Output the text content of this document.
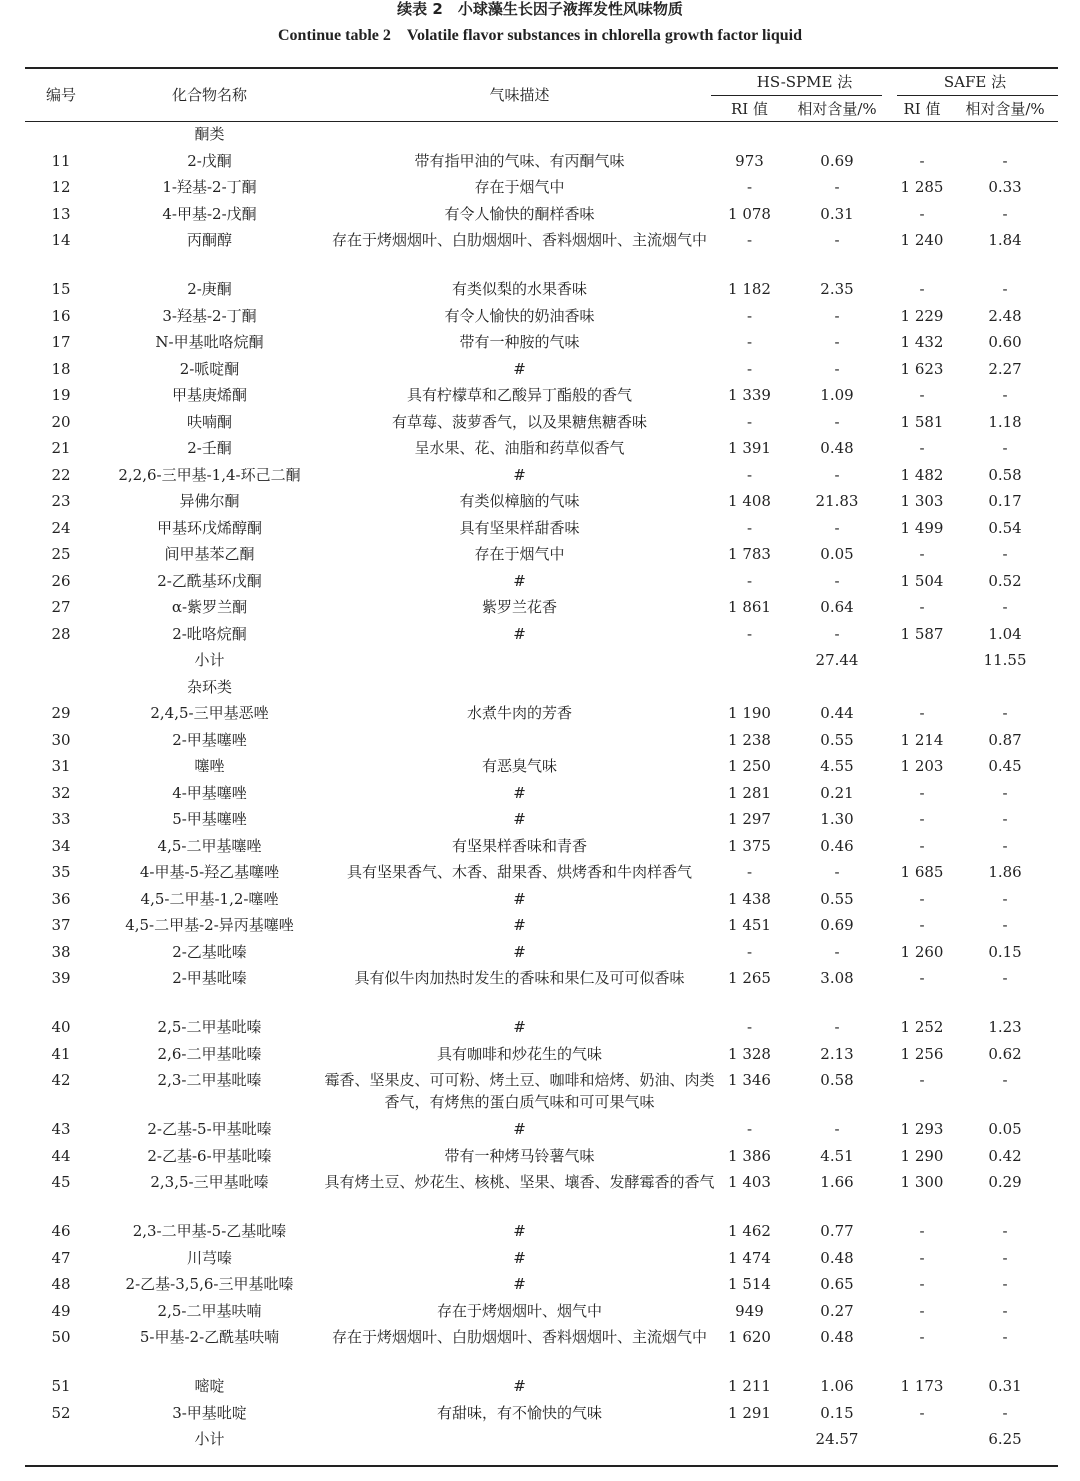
续表 2　小球藻生长因子液挥发性风味物质
Continue table 2　Volatile flavor substances in chlorella growth factor liquid
编号	化合物名称	气味描述	HS-SPME 法		SAFE 法	
			RI 值	相对含量/%	RI 值	相对含量/%
	酮类					
11	2-戊酮	带有指甲油的气味、有丙酮气味	973	0.69	-	-
12	1-羟基-2-丁酮	存在于烟气中	-	-	1 285	0.33
13	4-甲基-2-戊酮	有令人愉快的酮样香味	1 078	0.31	-	-
14	丙酮醇	存在于烤烟烟叶、白肋烟烟叶、香料烟烟叶、主流烟气中	-	-	1 240	1.84
15	2-庚酮	有类似梨的水果香味	1 182	2.35	-	-
16	3-羟基-2-丁酮	有令人愉快的奶油香味	-	-	1 229	2.48
17	N-甲基吡咯烷酮	带有一种胺的气味	-	-	1 432	0.60
18	2-哌啶酮	#	-	-	1 623	2.27
19	甲基庚烯酮	具有柠檬草和乙酸异丁酯般的香气	1 339	1.09	-	-
20	呋喃酮	有草莓、菠萝香气，以及果糖焦糖香味	-	-	1 581	1.18
21	2-壬酮	呈水果、花、油脂和药草似香气	1 391	0.48	-	-
22	2,2,6-三甲基-1,4-环己二酮	#	-	-	1 482	0.58
23	异佛尔酮	有类似樟脑的气味	1 408	21.83	1 303	0.17
24	甲基环戊烯醇酮	具有坚果样甜香味	-	-	1 499	0.54
25	间甲基苯乙酮	存在于烟气中	1 783	0.05	-	-
26	2-乙酰基环戊酮	#	-	-	1 504	0.52
27	α-紫罗兰酮	紫罗兰花香	1 861	0.64	-	-
28	2-吡咯烷酮	#	-	-	1 587	1.04
	小计			27.44		11.55
	杂环类					
29	2,4,5-三甲基恶唑	水煮牛肉的芳香	1 190	0.44	-	-
30	2-甲基噻唑		1 238	0.55	1 214	0.87
31	噻唑	有恶臭气味	1 250	4.55	1 203	0.45
32	4-甲基噻唑	#	1 281	0.21	-	-
33	5-甲基噻唑	#	1 297	1.30	-	-
34	4,5-二甲基噻唑	有坚果样香味和青香	1 375	0.46	-	-
35	4-甲基-5-羟乙基噻唑	具有坚果香气、木香、甜果香、烘烤香和牛肉样香气	-	-	1 685	1.86
36	4,5-二甲基-1,2-噻唑	#	1 438	0.55	-	-
37	4,5-二甲基-2-异丙基噻唑	#	1 451	0.69	-	-
38	2-乙基吡嗪	#	-	-	1 260	0.15
39	2-甲基吡嗪	具有似牛肉加热时发生的香味和果仁及可可似香味	1 265	3.08	-	-
40	2,5-二甲基吡嗪	#	-	-	1 252	1.23
41	2,6-二甲基吡嗪	具有咖啡和炒花生的气味	1 328	2.13	1 256	0.62
42	2,3-二甲基吡嗪	霉香、坚果皮、可可粉、烤土豆、咖啡和焙烤、奶油、肉类香气，有烤焦的蛋白质气味和可可果气味	1 346	0.58	-	-
43	2-乙基-5-甲基吡嗪	#	-	-	1 293	0.05
44	2-乙基-6-甲基吡嗪	带有一种烤马铃薯气味	1 386	4.51	1 290	0.42
45	2,3,5-三甲基吡嗪	具有烤土豆、炒花生、核桃、坚果、壤香、发酵霉香的香气	1 403	1.66	1 300	0.29
46	2,3-二甲基-5-乙基吡嗪	#	1 462	0.77	-	-
47	川芎嗪	#	1 474	0.48	-	-
48	2-乙基-3,5,6-三甲基吡嗪	#	1 514	0.65	-	-
49	2,5-二甲基呋喃	存在于烤烟烟叶、烟气中	949	0.27	-	-
50	5-甲基-2-乙酰基呋喃	存在于烤烟烟叶、白肋烟烟叶、香料烟烟叶、主流烟气中	1 620	0.48	-	-
51	嘧啶	#	1 211	1.06	1 173	0.31
52	3-甲基吡啶	有甜味，有不愉快的气味	1 291	0.15	-	-
	小计			24.57		6.25
